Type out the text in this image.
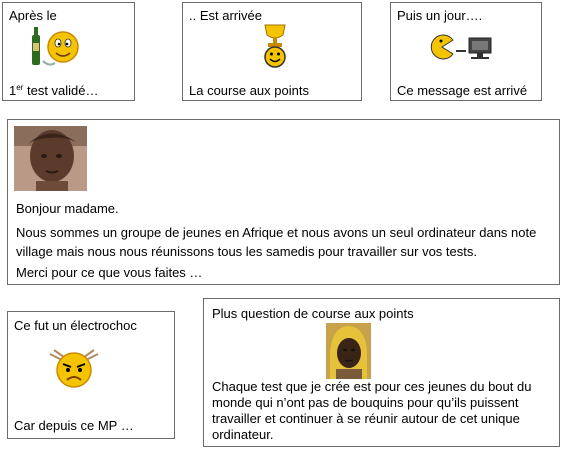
Après le
1er test validé…
.. Est arrivée
La course aux points
Puis un jour….
Ce message est arrivé
Bonjour madame.
Nous sommes un groupe de jeunes en Afrique et nous avons un seul ordinateur dans note village mais nous nous réunissons tous les samedis pour travailler sur vos tests.
Merci pour ce que vous faites …
Ce fut un électrochoc
Car depuis ce MP …
Plus question de course aux points
Chaque test que je crée est pour ces jeunes du bout du monde qui n’ont pas de bouquins pour qu’ils puissent travailler et continuer à se réunir autour de cet unique ordinateur.
